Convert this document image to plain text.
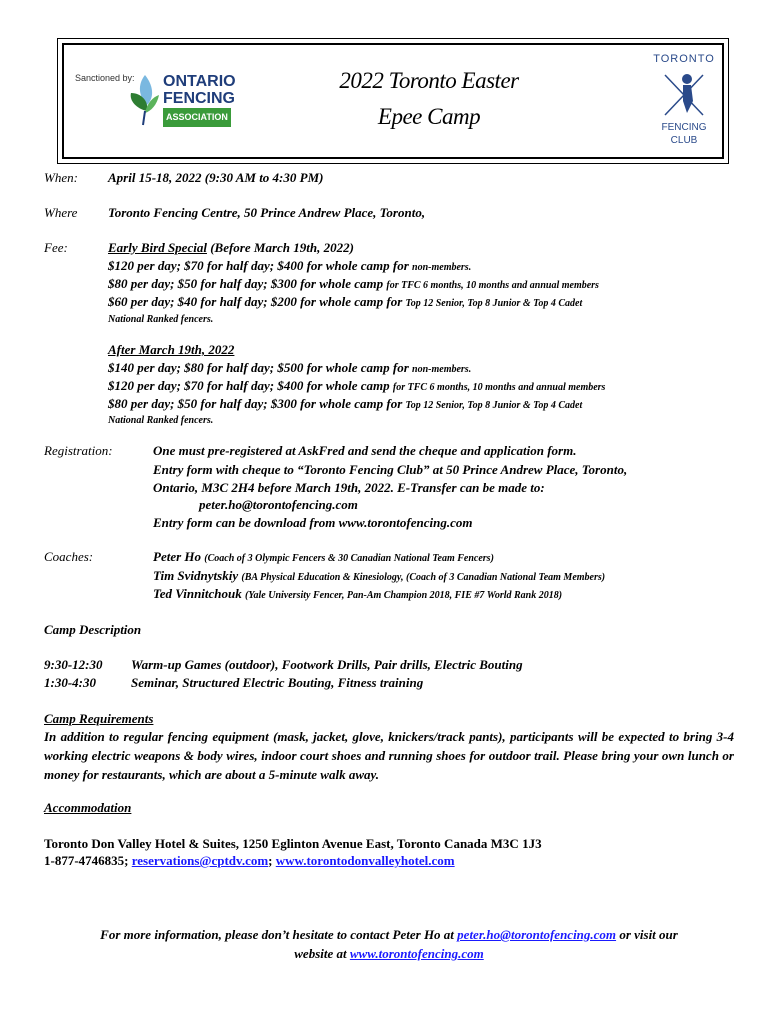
Sanctioned by: ONTARIO
FENCING
ASSOCIATION
2022 Toronto Easter
Epee Camp
TORONTO
FENCING
CLUB
When: April 15-18, 2022 (9:30 AM to 4:30 PM)
Where Toronto Fencing Centre, 50 Prince Andrew Place, Toronto,
Fee:	Early Bird Special (Before March 19th, 2022)
$120 per day; $70 for half day; $400 for whole camp for non-members.
$80 per day; $50 for half day; $300 for whole camp for TFC 6 months, 10 months and annual members
$60 per day; $40 for half day; $200 for whole camp for Top 12 Senior, Top 8 Junior & Top 4 Cadet
National Ranked fencers.
After March 19th, 2022
$140 per day; $80 for half day; $500 for whole camp for non-members.
$120 per day; $70 for half day; $400 for whole camp for TFC 6 months, 10 months and annual members
$80 per day; $50 for half day; $300 for whole camp for Top 12 Senior, Top 8 Junior & Top 4 Cadet
National Ranked fencers.
Registration:	One must pre-registered at AskFred and send the cheque and application form.
Entry form with cheque to “Toronto Fencing Club” at 50 Prince Andrew Place, Toronto,
Ontario, M3C 2H4 before March 19th, 2022. E-Transfer can be made to:
peter.ho@torontofencing.com
Entry form can be download from www.torontofencing.com
Coaches:	Peter Ho (Coach of 3 Olympic Fencers & 30 Canadian National Team Fencers)
Tim Svidnytskiy (BA Physical Education & Kinesiology, (Coach of 3 Canadian National Team Members)
Ted Vinnitchouk (Yale University Fencer, Pan-Am Champion 2018, FIE #7 World Rank 2018)
Camp Description
9:30-12:30 Warm-up Games (outdoor), Footwork Drills, Pair drills, Electric Bouting
1:30-4:30	Seminar, Structured Electric Bouting, Fitness training
Camp Requirements
In addition to regular fencing equipment (mask, jacket, glove, knickers/track pants), participants will be expected to bring 3-4 working electric weapons & body wires, indoor court shoes and running shoes for outdoor trail. Please bring your own lunch or money for restaurants, which are about a 5-minute walk away.
Accommodation
Toronto Don Valley Hotel & Suites, 1250 Eglinton Avenue East, Toronto Canada M3C 1J3
1-877-4746835; reservations@cptdv.com; www.torontodonvalleyhotel.com
For more information, please don’t hesitate to contact Peter Ho at peter.ho@torontofencing.com or visit our
website at www.torontofencing.com
